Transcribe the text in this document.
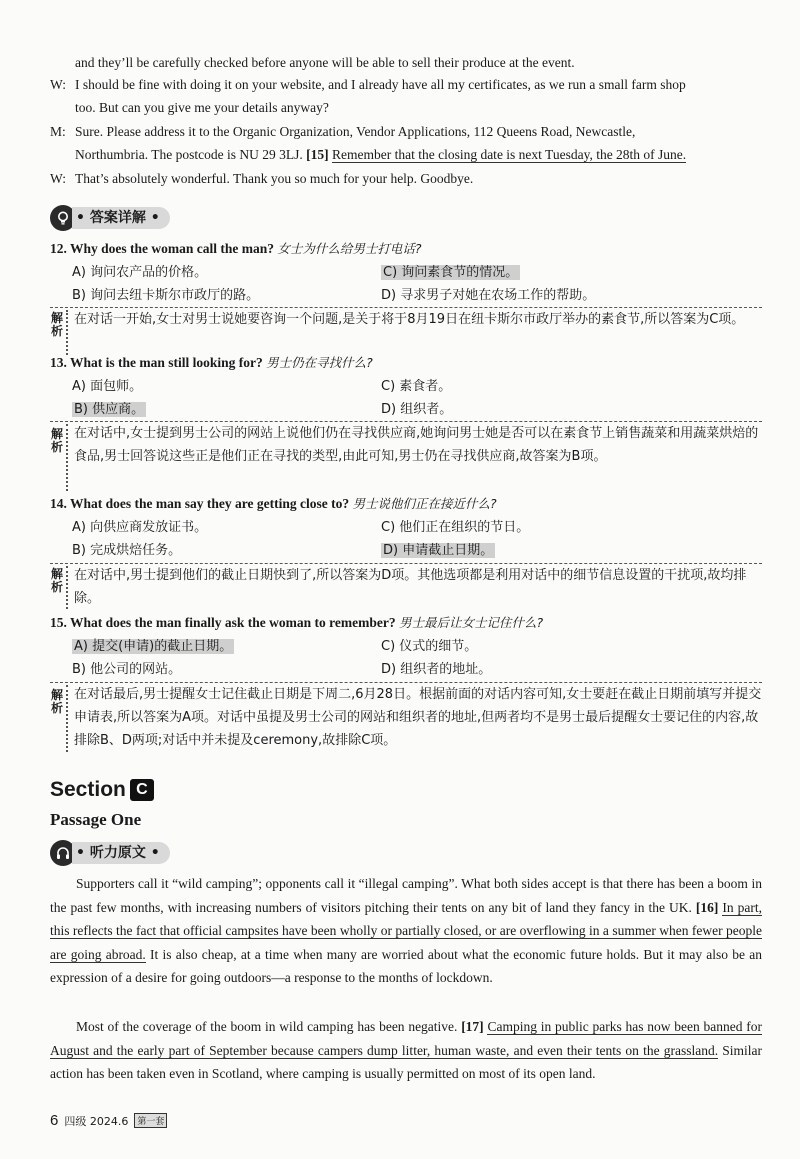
and they’ll be carefully checked before anyone will be able to sell their produce at the event.
W: I should be fine with doing it on your website, and I already have all my certificates, as we run a small farm shop
too. But can you give me your details anyway?
M: Sure. Please address it to the Organic Organization, Vendor Applications, 112 Queens Road, Newcastle,
Northumbria. The postcode is NU 29 3LJ. [15] Remember that the closing date is next Tuesday, the 28th of June.
W: That’s absolutely wonderful. Thank you so much for your help. Goodbye.
• 答案详解 •
12. Why does the woman call the man? 女士为什么给男士打电话?
A) 询问农产品的价格。	C) 询问素食节的情况。
B) 询问去纽卡斯尔市政厅的路。	D) 寻求男子对她在农场工作的帮助。
解析
在对话一开始,女士对男士说她要咨询一个问题,是关于将于8月19日在纽卡斯尔市政厅举办的素食节,所以答案为C项。
13. What is the man still looking for? 男士仍在寻找什么?
A) 面包师。	C) 素食者。
B) 供应商。	D) 组织者。
解析
在对话中,女士提到男士公司的网站上说他们仍在寻找供应商,她询问男士她是否可以在素食节上销售蔬菜和用蔬菜烘焙的食品,男士回答说这些正是他们正在寻找的类型,由此可知,男士仍在寻找供应商,故答案为B项。
14. What does the man say they are getting close to? 男士说他们正在接近什么?
A) 向供应商发放证书。	C) 他们正在组织的节日。
B) 完成烘焙任务。	D) 申请截止日期。
解析
在对话中,男士提到他们的截止日期快到了,所以答案为D项。其他选项都是利用对话中的细节信息设置的干扰项,故均排除。
15. What does the man finally ask the woman to remember? 男士最后让女士记住什么?
A) 提交(申请)的截止日期。	C) 仪式的细节。
B) 他公司的网站。	D) 组织者的地址。
解析
在对话最后,男士提醒女士记住截止日期是下周二,6月28日。根据前面的对话内容可知,女士要赶在截止日期前填写并提交申请表,所以答案为A项。对话中虽提及男士公司的网站和组织者的地址,但两者均不是男士最后提醒女士要记住的内容,故排除B、D两项;对话中并未提及ceremony,故排除C项。
Section C
Passage One
• 听力原文 •
Supporters call it “wild camping”; opponents call it “illegal camping”. What both sides accept is that there has been a boom in the past few months, with increasing numbers of visitors pitching their tents on any bit of land they fancy in the UK. [16] In part, this reflects the fact that official campsites have been wholly or partially closed, or are overflowing in a summer when fewer people are going abroad. It is also cheap, at a time when many are worried about what the economic future holds. But it may also be an expression of a desire for going outdoors—a response to the months of lockdown.
Most of the coverage of the boom in wild camping has been negative. [17] Camping in public parks has now been banned for August and the early part of September because campers dump litter, human waste, and even their tents on the grassland. Similar action has been taken even in Scotland, where camping is usually permitted on most of its open land.
6 四级 2024.6	第一套
